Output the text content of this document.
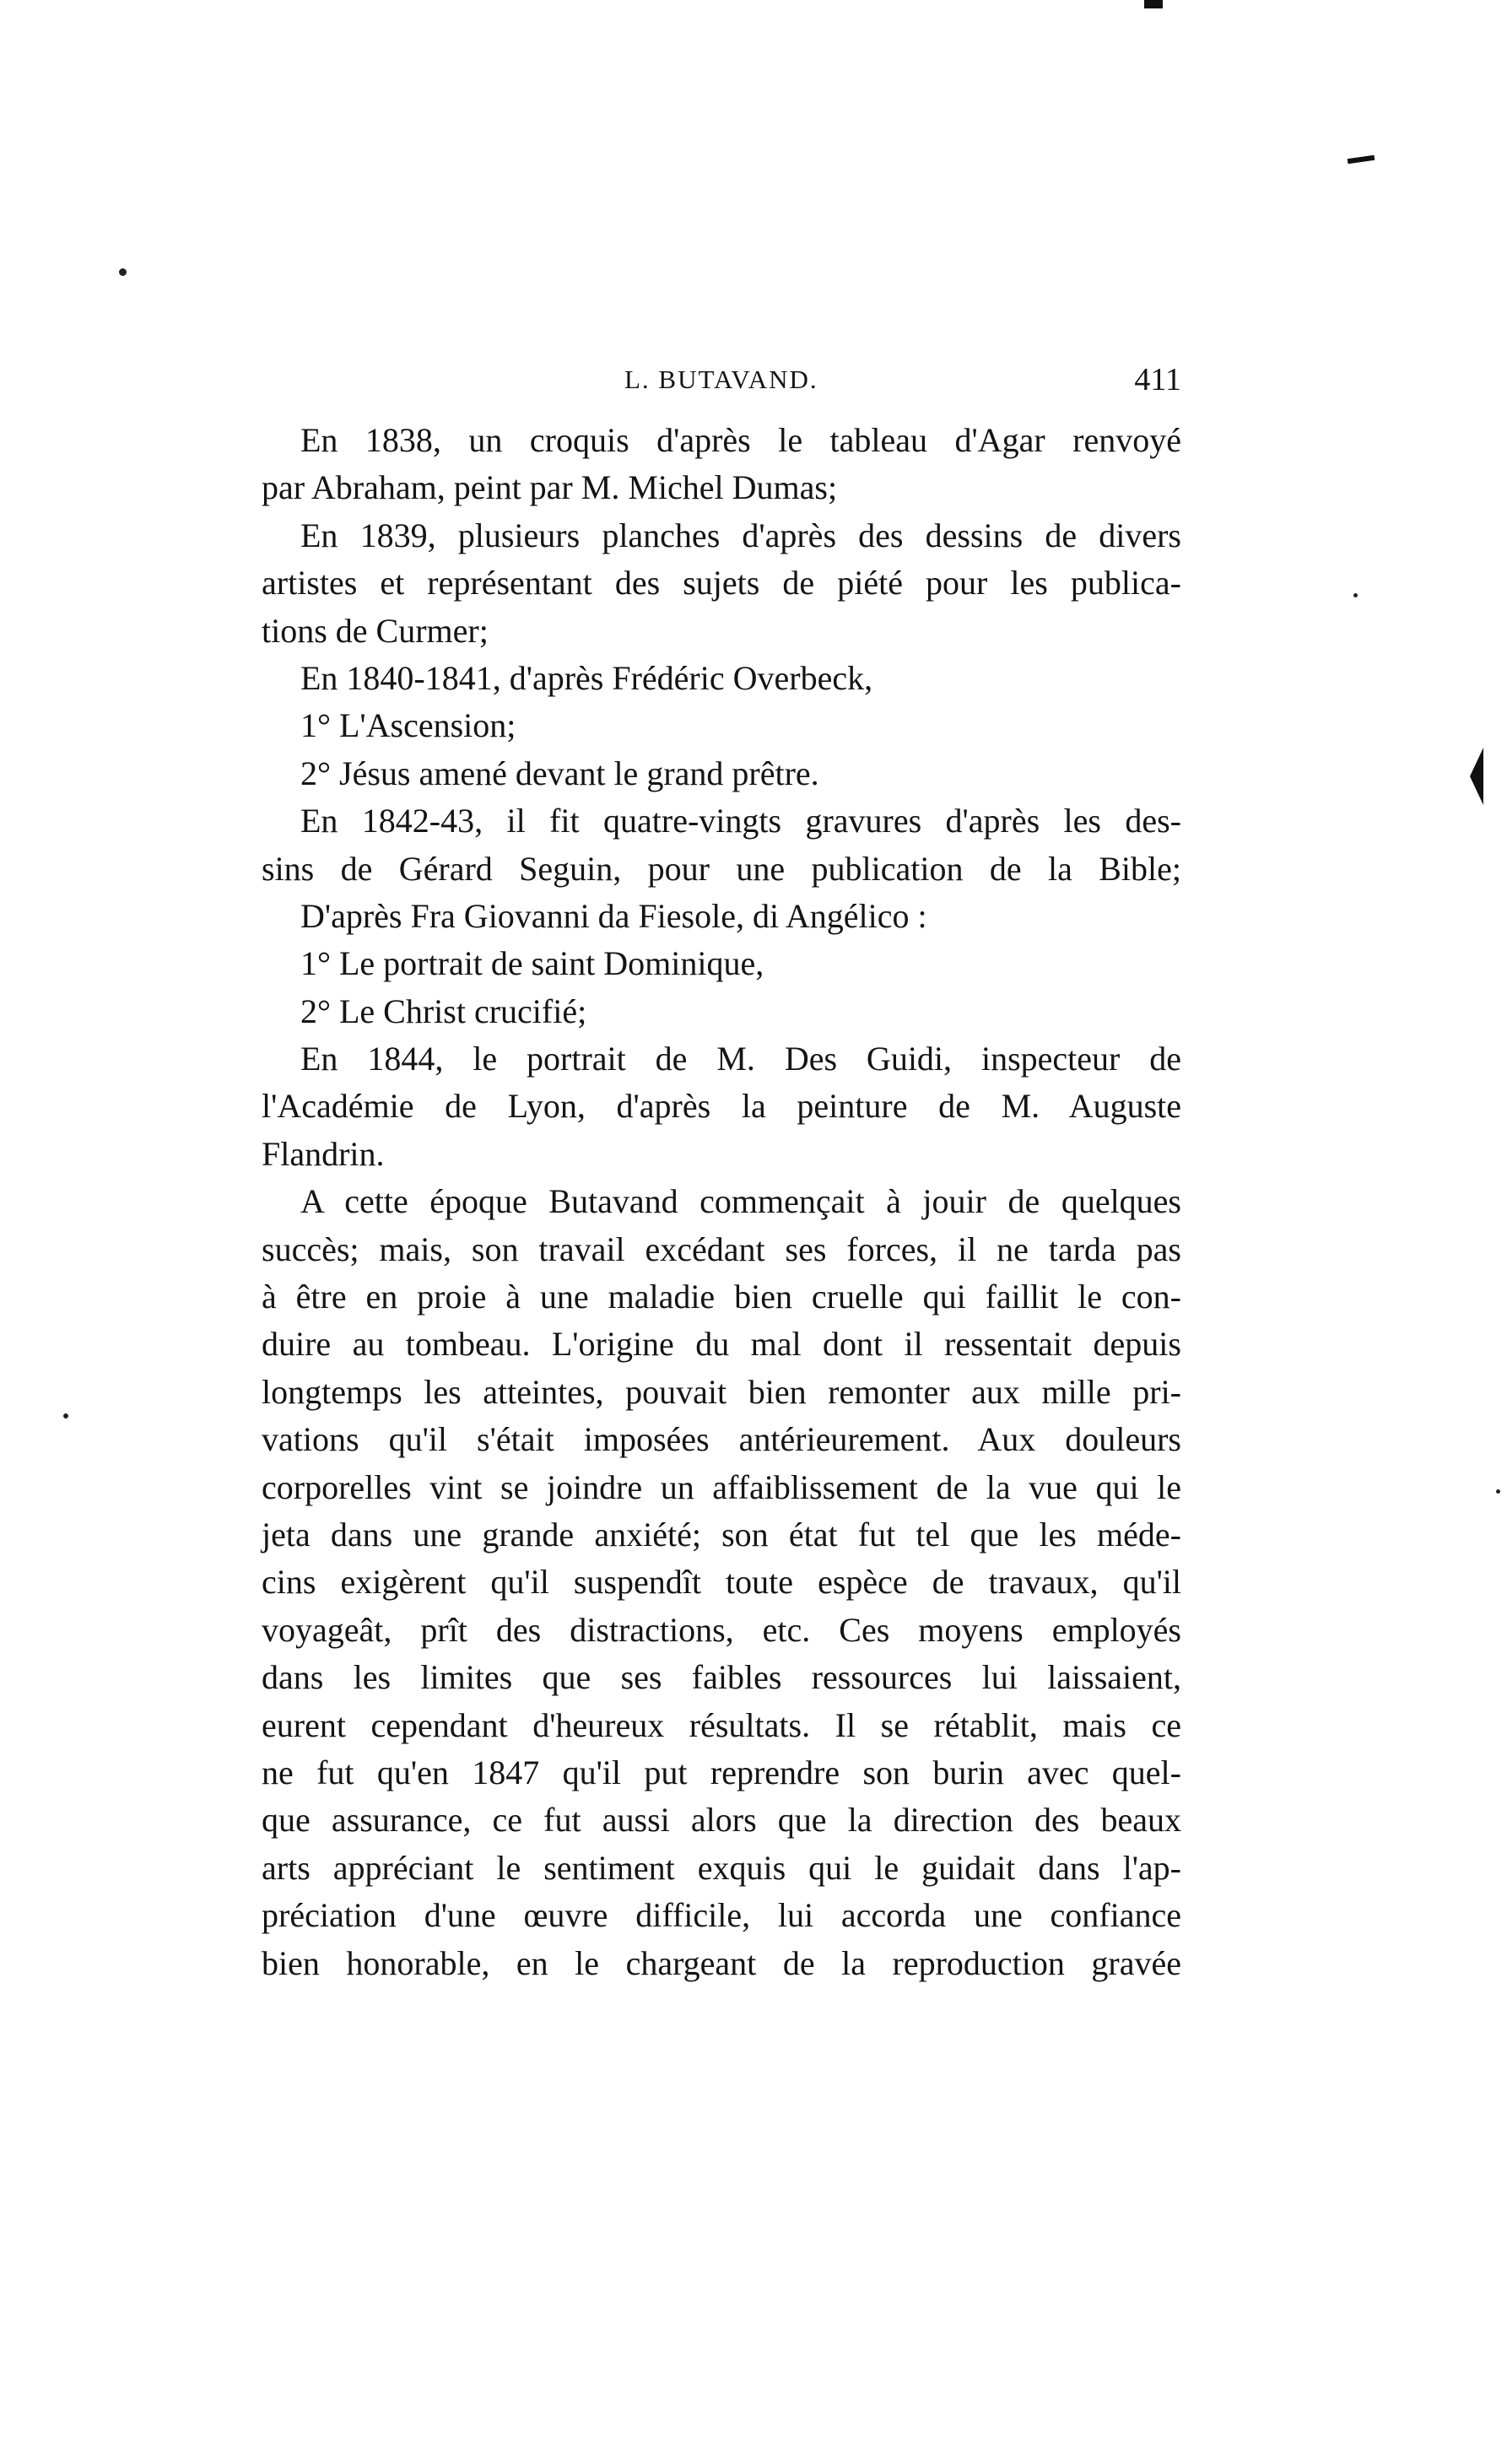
L. BUTAVAND.	411
En 1838, un croquis d'après le tableau d'Agar renvoyé
par Abraham, peint par M. Michel Dumas;
En 1839, plusieurs planches d'après des dessins de divers
artistes et représentant des sujets de piété pour les publica-
tions de Curmer;
En 1840-1841, d'après Frédéric Overbeck,
1° L'Ascension;
2° Jésus amené devant le grand prêtre.
En 1842-43, il fit quatre-vingts gravures d'après les des-
sins de Gérard Seguin, pour une publication de la Bible;
D'après Fra Giovanni da Fiesole, di Angélico :
1° Le portrait de saint Dominique,
2° Le Christ crucifié;
En 1844, le portrait de M. Des Guidi, inspecteur de
l'Académie de Lyon, d'après la peinture de M. Auguste
Flandrin.
A cette époque Butavand commençait à jouir de quelques
succès; mais, son travail excédant ses forces, il ne tarda pas
à être en proie à une maladie bien cruelle qui faillit le con-
duire au tombeau. L'origine du mal dont il ressentait depuis
longtemps les atteintes, pouvait bien remonter aux mille pri-
vations qu'il s'était imposées antérieurement. Aux douleurs
corporelles vint se joindre un affaiblissement de la vue qui le
jeta dans une grande anxiété; son état fut tel que les méde-
cins exigèrent qu'il suspendît toute espèce de travaux, qu'il
voyageât, prît des distractions, etc. Ces moyens employés
dans les limites que ses faibles ressources lui laissaient,
eurent cependant d'heureux résultats. Il se rétablit, mais ce
ne fut qu'en 1847 qu'il put reprendre son burin avec quel-
que assurance, ce fut aussi alors que la direction des beaux
arts appréciant le sentiment exquis qui le guidait dans l'ap-
préciation d'une œuvre difficile, lui accorda une confiance
bien honorable, en le chargeant de la reproduction gravée
